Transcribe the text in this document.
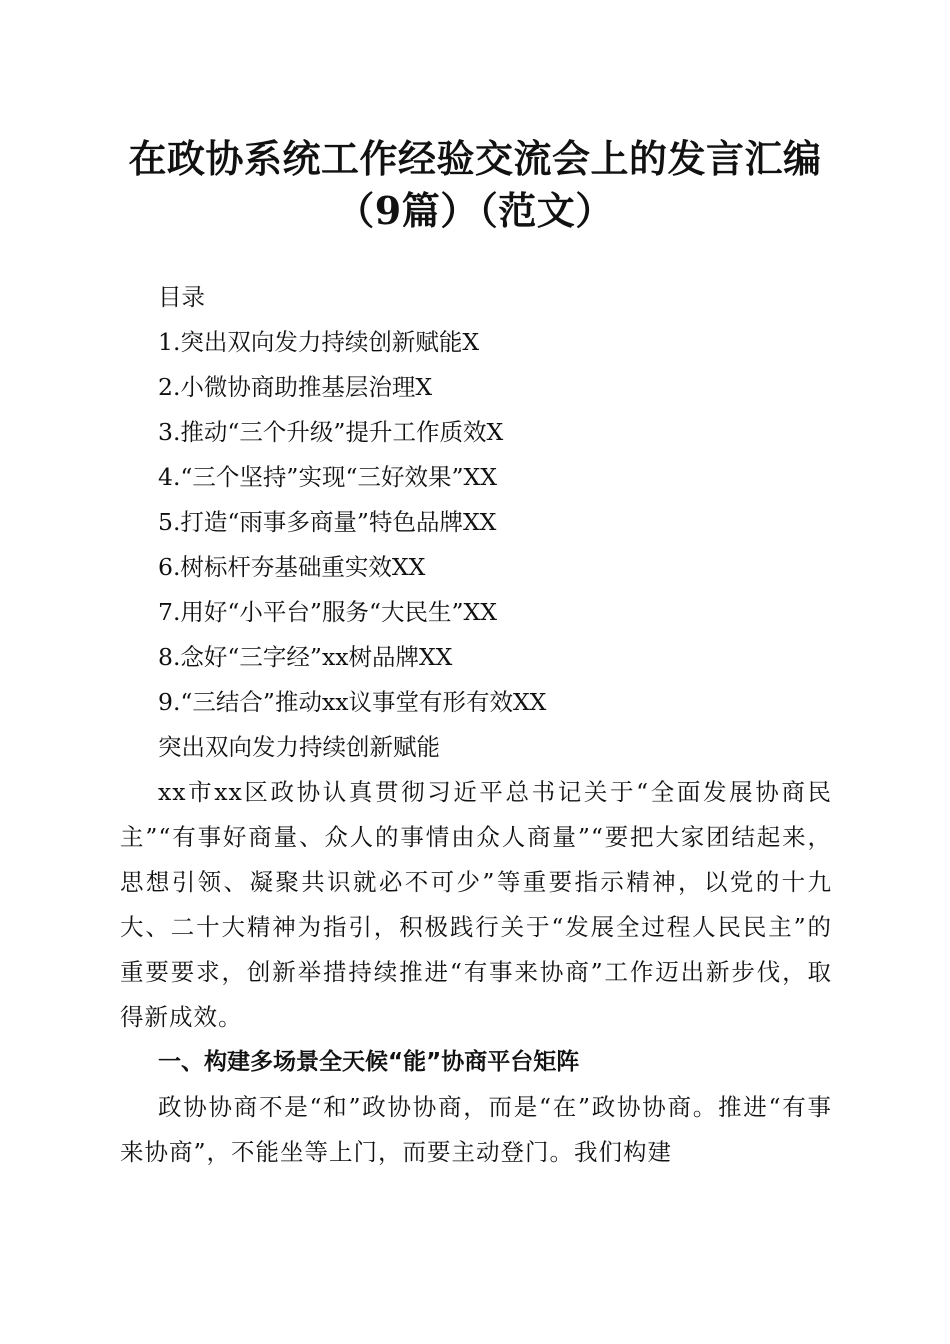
在政协系统工作经验交流会上的发言汇编（9篇）（范文）

目录

1.突出双向发力持续创新赋能X

2.小微协商助推基层治理X

3.推动“三个升级”提升工作质效X

4.“三个坚持”实现“三好效果”XX

5.打造“雨事多商量”特色品牌XX

6.树标杆夯基础重实效XX

7.用好“小平台”服务“大民生”XX

8.念好“三字经”xx树品牌XX

9.“三结合”推动xx议事堂有形有效XX

突出双向发力持续创新赋能

xx市xx区政协认真贯彻习近平总书记关于“全面发展协商民主”“有事好商量、众人的事情由众人商量”“要把大家团结起来，思想引领、凝聚共识就必不可少”等重要指示精神，以党的十九大、二十大精神为指引，积极践行关于“发展全过程人民民主”的重要要求，创新举措持续推进“有事来协商”工作迈出新步伐，取得新成效。

一、构建多场景全天候“能”协商平台矩阵

政协协商不是“和”政协协商，而是“在”政协协商。推进“有事来协商”，不能坐等上门，而要主动登门。我们构建
